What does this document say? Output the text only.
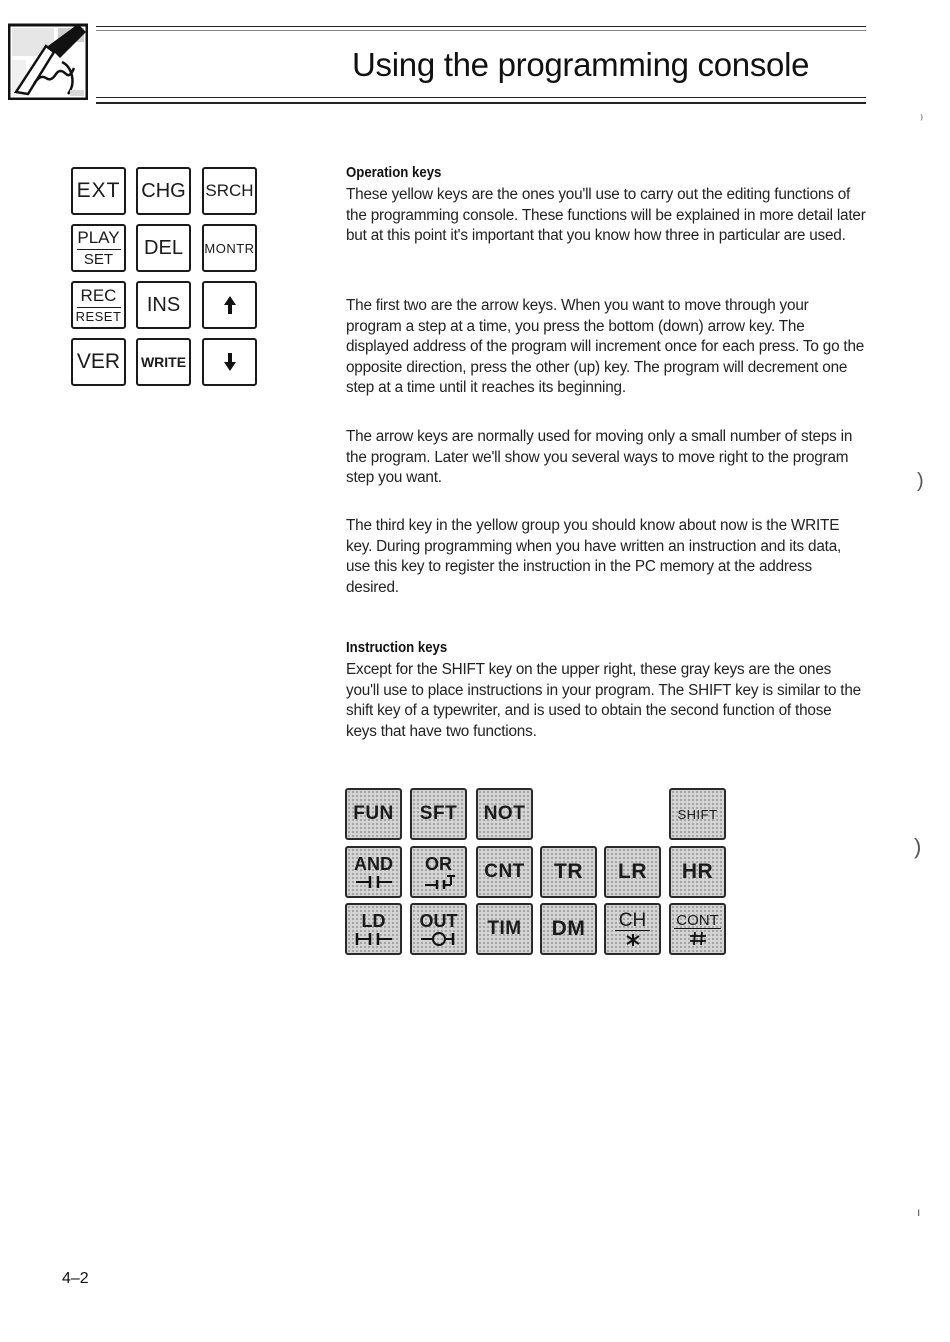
Using the programming console
EXT CHG SRCH
PLAY
SET
DEL MONTR
REC
RESET
INS
VER WRITE
Operation keys

These yellow keys are the ones you'll use to carry out the editing functions of the programming console. These functions will be explained in more detail later but at this point it's important that you know how three in particular are used.

The first two are the arrow keys. When you want to move through your program a step at a time, you press the bottom (down) arrow key. The displayed address of the program will increment once for each press. To go the opposite direction, press the other (up) key. The program will decrement one step at a time until it reaches its beginning.

The arrow keys are normally used for moving only a small number of steps in the program. Later we'll show you several ways to move right to the program step you want.

The third key in the yellow group you should know about now is the WRITE key. During programming when you have written an instruction and its data, use this key to register the instruction in the PC memory at the address desired.

Instruction keys

Except for the SHIFT key on the upper right, these gray keys are the ones you'll use to place instructions in your program. The SHIFT key is similar to the shift key of a typewriter, and is used to obtain the second function of those keys that have two functions.

FUN SFT NOT	SHIFT
AND OR CNT TR LR HR
LD OUT TIM DM CH CONT
⁾
)
)
ı
4–2
